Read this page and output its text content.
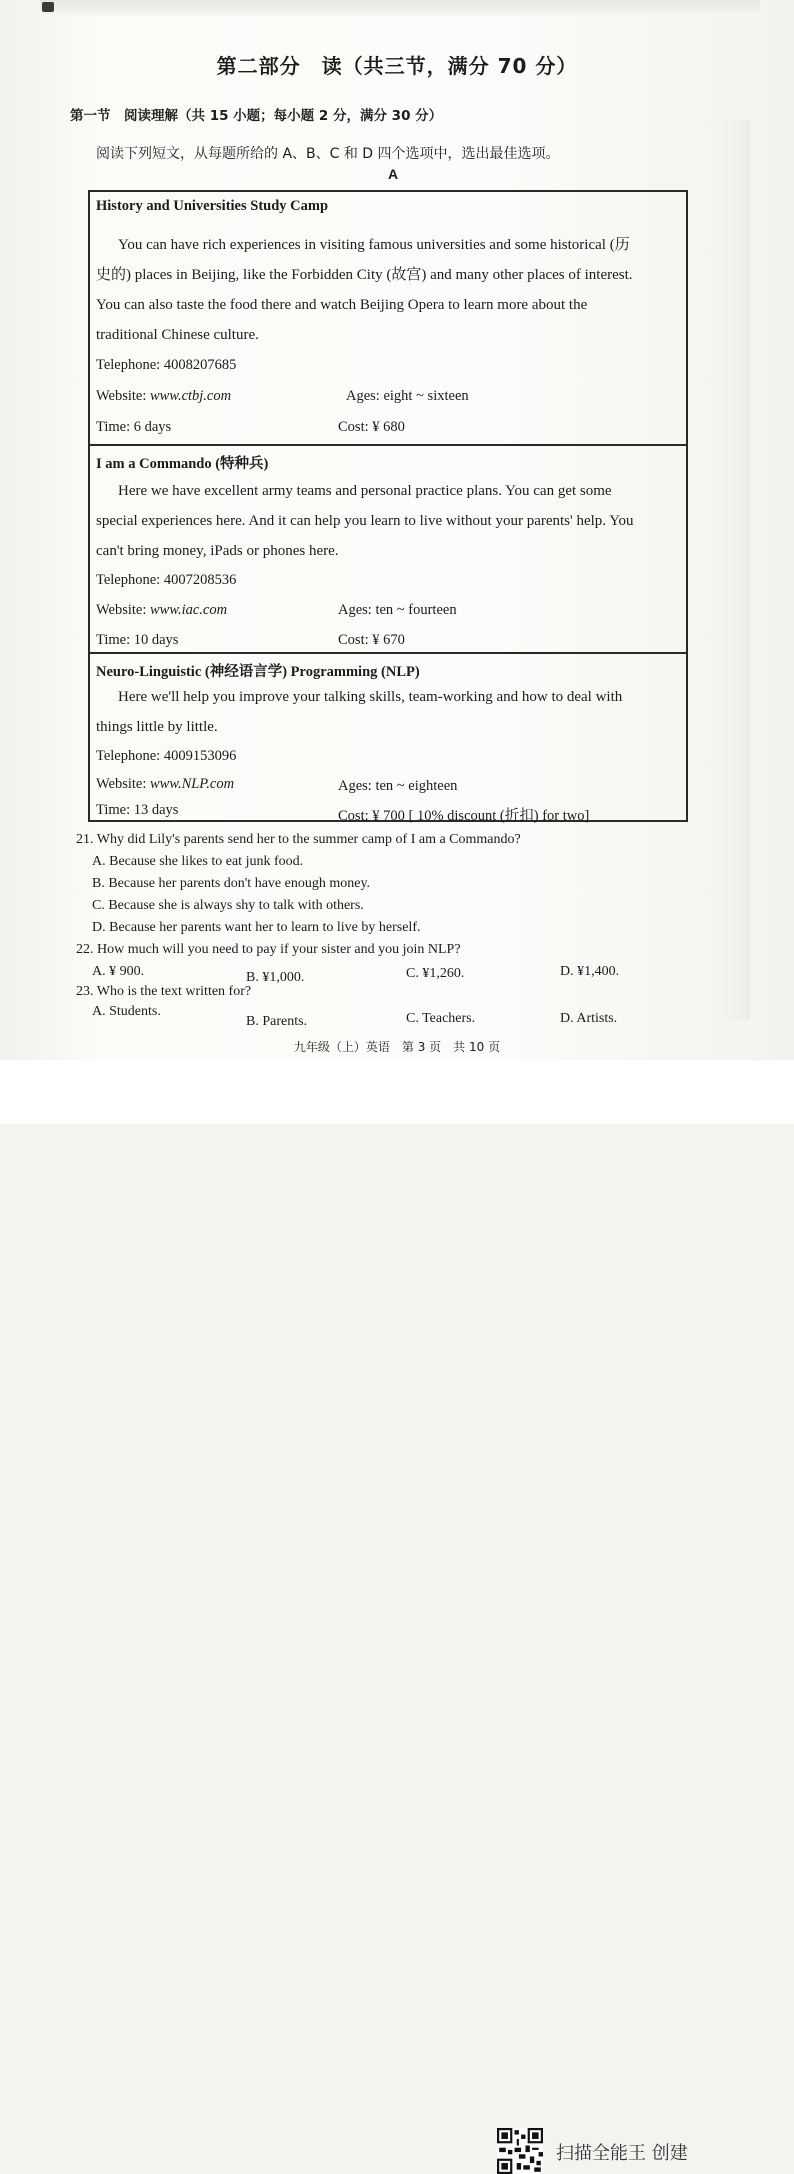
第二部分　读（共三节，满分 70 分）
第一节　阅读理解（共 15 小题；每小题 2 分，满分 30 分）
阅读下列短文，从每题所给的 A、B、C 和 D 四个选项中，选出最佳选项。
A
History and Universities Study Camp
You can have rich experiences in visiting famous universities and some historical (历
史的) places in Beijing, like the Forbidden City (故宫) and many other places of interest.
You can also taste the food there and watch Beijing Opera to learn more about the
traditional Chinese culture.
Telephone: 4008207685
Website: www.ctbj.com	Ages: eight ~ sixteen
Time: 6 days	Cost: ¥ 680
I am a Commando (特种兵)
Here we have excellent army teams and personal practice plans. You can get some
special experiences here. And it can help you learn to live without your parents' help. You
can't bring money, iPads or phones here.
Telephone: 4007208536
Website: www.iac.com	Ages: ten ~ fourteen
Time: 10 days	Cost: ¥ 670
Neuro-Linguistic (神经语言学) Programming (NLP)
Here we'll help you improve your talking skills, team-working and how to deal with
things little by little.
Telephone: 4009153096
Website: www.NLP.com	Ages: ten ~ eighteen
Time: 13 days	Cost: ¥ 700 [ 10% discount (折扣) for two]
21. Why did Lily's parents send her to the summer camp of I am a Commando?
A. Because she likes to eat junk food.
B. Because her parents don't have enough money.
C. Because she is always shy to talk with others.
D. Because her parents want her to learn to live by herself.
22. How much will you need to pay if your sister and you join NLP?
A. ¥ 900.	B. ¥1,000.	C. ¥1,260.	D. ¥1,400.
23. Who is the text written for?
A. Students.
B. Parents.	C. Teachers.	D. Artists.
九年级（上）英语　第 3 页　共 10 页
扫描全能王 创建
